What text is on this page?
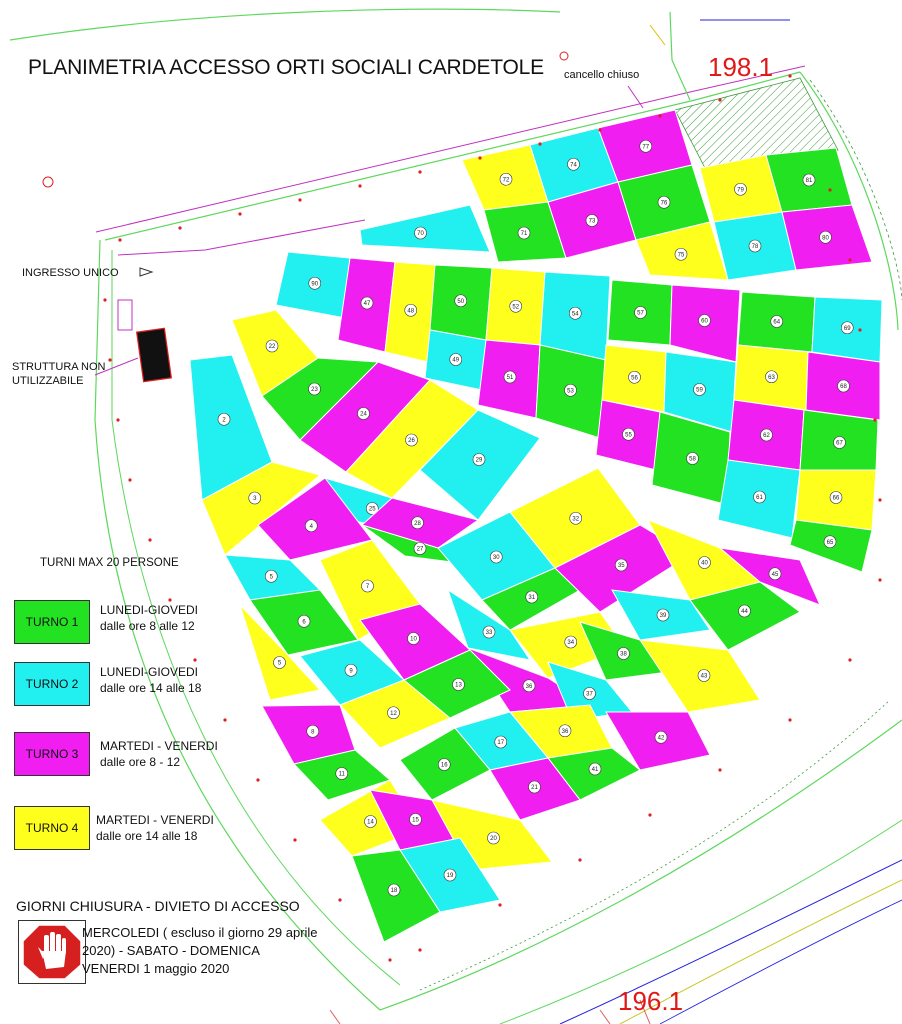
70
72
74
77
71
73
76
75
79
81
78
80
90
47
48
50
52
54
49
51
53
57
60
56
59
55
58
64
69
63
68
62
67
61	66
65
2
3
22
23
24
26
25
29
28
27
4
5
6
7
5
30
31
32
35
33
34
36
40
45
39
44
38
43
37
42
36
41
10
9
8
12
13
11
17
16
21
14	15
20
19
18
PLANIMETRIA ACCESSO ORTI SOCIALI CARDETOLE cancello chiuso
INGRESSO UNICO
STRUTTURA NON
UTILIZZABILE
198.1
196.1
TURNI MAX 20 PERSONE
TURNO 1
LUNEDI-GIOVEDI
dalle ore 8 alle 12
TURNO 2
LUNEDI-GIOVEDI
dalle ore 14 alle 18
TURNO 3
MARTEDI - VENERDI
dalle ore 8 - 12
TURNO 4
MARTEDI - VENERDI
dalle ore 14 alle 18
GIORNI CHIUSURA - DIVIETO DI ACCESSO
MERCOLEDI ( escluso il giorno 29 aprile
2020) - SABATO - DOMENICA
VENERDI 1 maggio 2020
